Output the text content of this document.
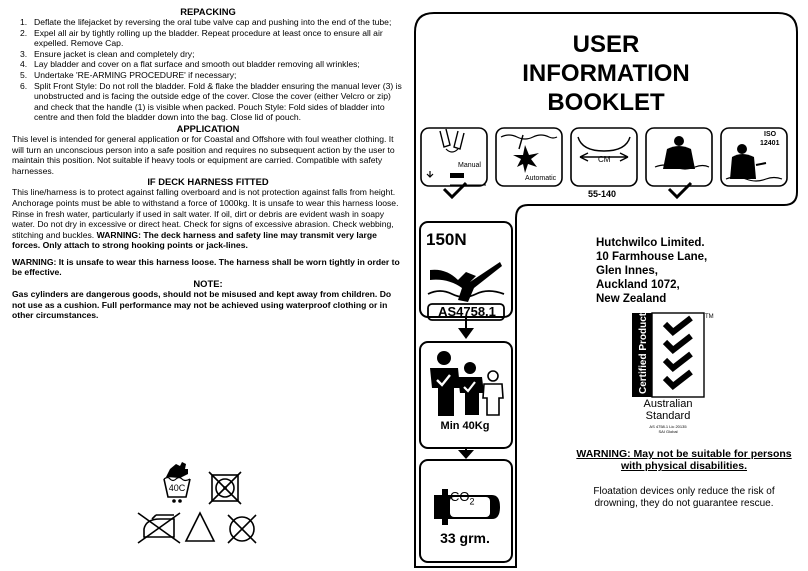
REPACKING
1. Deflate the lifejacket by reversing the oral tube valve cap and pushing into the end of the tube;
2. Expel all air by tightly rolling up the bladder. Repeat procedure at least once to ensure all air expelled. Remove Cap.
3. Ensure jacket is clean and completely dry;
4. Lay bladder and cover on a flat surface and smooth out bladder removing all wrinkles;
5. Undertake 'RE-ARMING PROCEDURE' if necessary;
6. Split Front Style: Do not roll the bladder. Fold & flake the bladder ensuring the manual lever (3) is unobstructed and is facing the outside edge of the cover. Close the cover (either Velcro or zip) and check that the handle (1) is visible when packed. Pouch Style: Fold sides of bladder into centre and then fold the bladder down into the bag. Close lid of pouch.
APPLICATION

This level is intended for general application or for Coastal and Offshore with foul weather clothing. It will turn an unconscious person into a safe position and requires no subsequent action by the user to maintain this position. Not suitable if heavy tools or equipment are carried. Compatible with safety harnesses.

IF DECK HARNESS FITTED

This line/harness is to protect against falling overboard and is not protection against falls from height. Anchorage points must be able to withstand a force of 1000kg. It is unsafe to wear this harness loose. Rinse in fresh water, particularly if used in salt water. If oil, dirt or debris are evident wash in soapy water. Do not dry in excessive or direct heat. Check for signs of excessive abrasion. Check webbing, stitching and buckles. WARNING: The deck harness and safety line may transmit very large forces. Only attach to strong hooking points or jack-lines.

WARNING: It is unsafe to wear this harness loose. The harness shall be worn tightly in order to be effective.

NOTE:

Gas cylinders are dangerous goods, should not be misused and kept away from children. Do not use as a cushion. Full performance may not be achieved using waterproof clothing or in other circumstances.

40C
USER
INFORMATION
BOOKLET
Manual
Automatic
CM
55-140
ISO
12401
150N
AS4758.1
Min 40Kg
$CO_2$
33 grm.
Hutchwilco Limited.
10 Farmhouse Lane,
Glen Innes,
Auckland 1072,
New Zealand
Certified Product	TM
Australian
Standard
AS 4758.1 Lic 20135
SAI Global
WARNING: May not be suitable for persons with physical disabilities.
Floatation devices only reduce the risk of drowning, they do not guarantee rescue.
